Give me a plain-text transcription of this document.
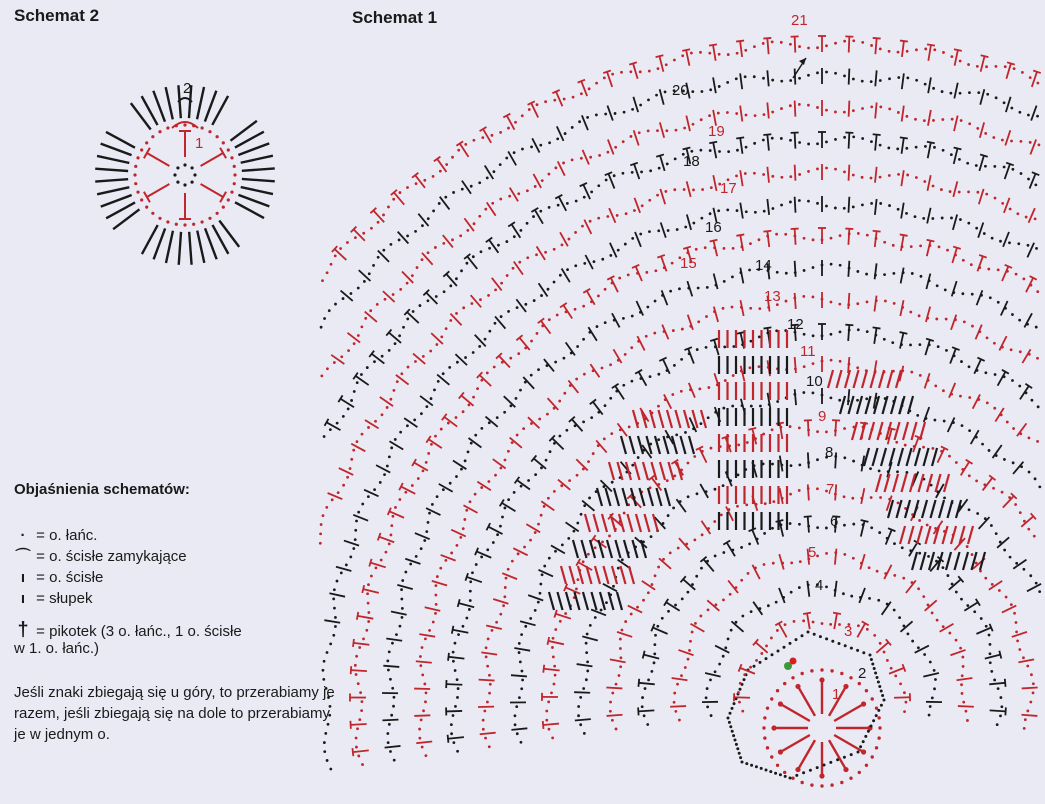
Schemat 2	Schemat 1
2
1
1
2
3
4
5
6
7
8
9
10
11
12
13
14
15
16
17
18
19
20
21
Objaśnienia schematów:
· = o. łańc.
⌒ = o. ścisłe zamykające
ı = o. ścisłe
ı = słupek
† = pikotek (3 o. łańc., 1 o. ścisłe
w 1. o. łańc.)
Jeśli znaki zbiegają się u góry, to przerabiamy je razem, jeśli zbiegają się na dole to przerabiamy je w jednym o.
